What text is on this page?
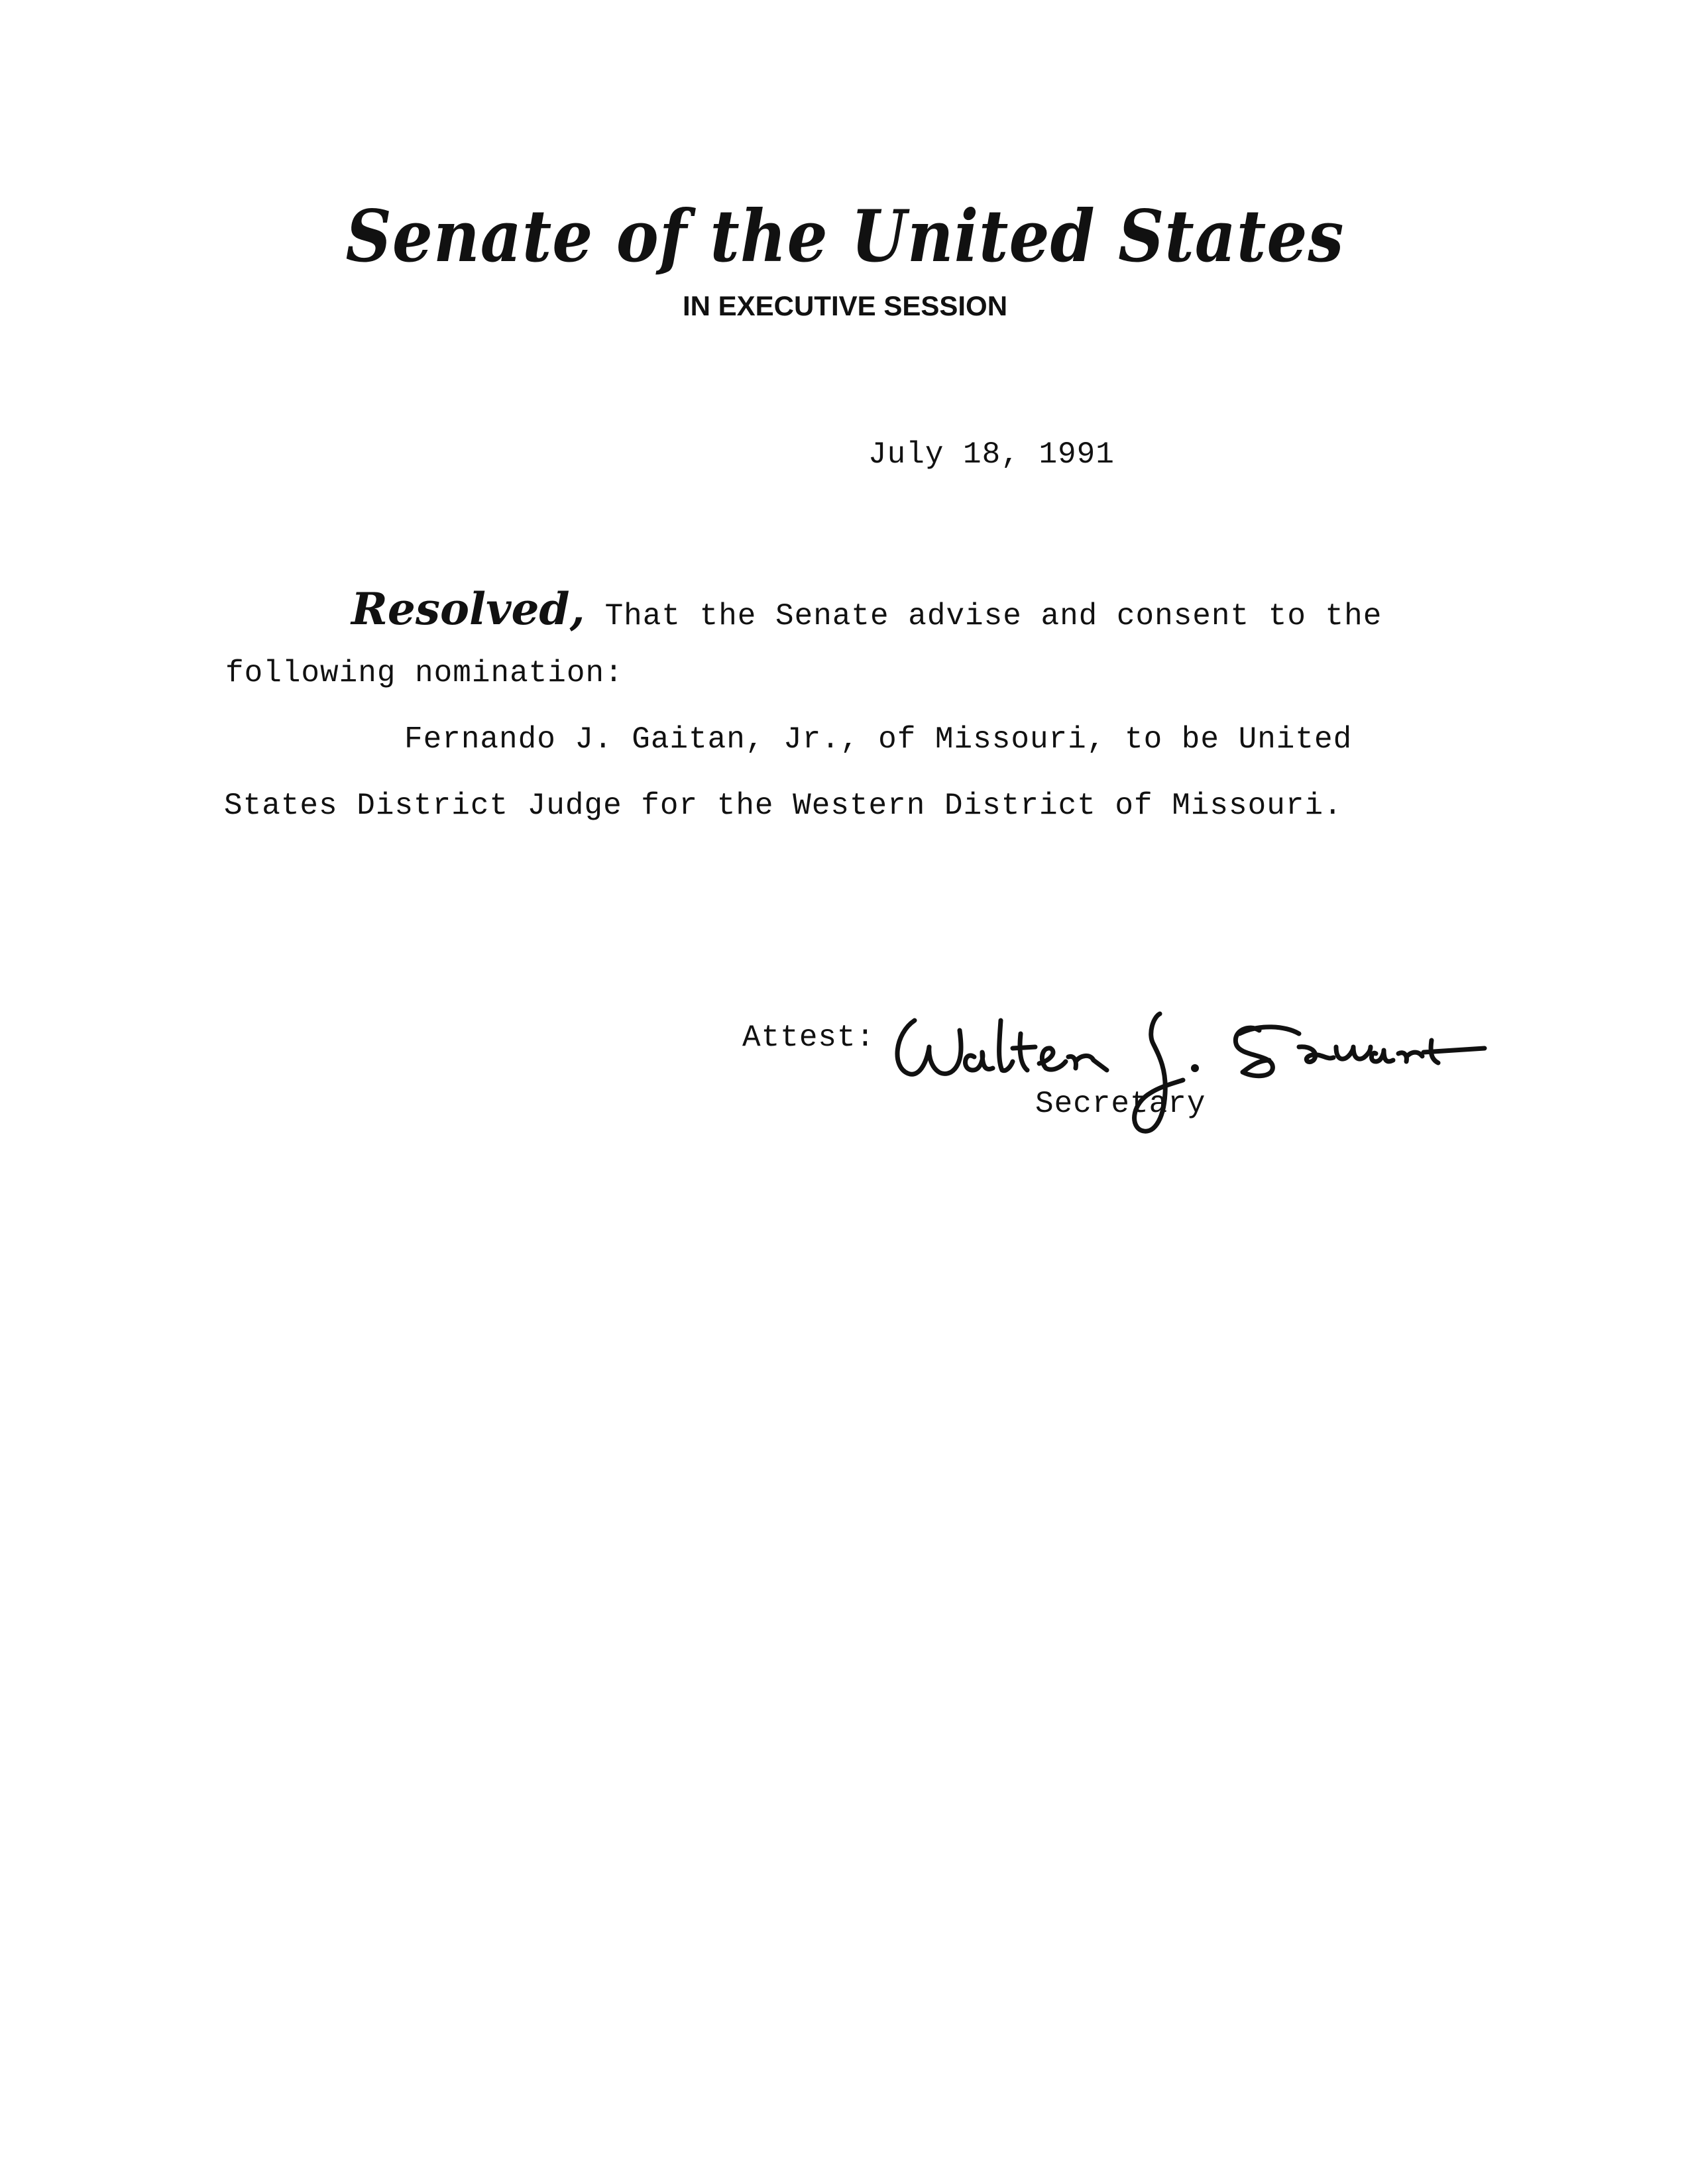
Senate of the United States
IN EXECUTIVE SESSION
July 18, 1991
Resolved, That the Senate advise and consent to the
following nomination:
Fernando J. Gaitan, Jr., of Missouri, to be United
States District Judge for the Western District of Missouri.
Attest:
Secretary
